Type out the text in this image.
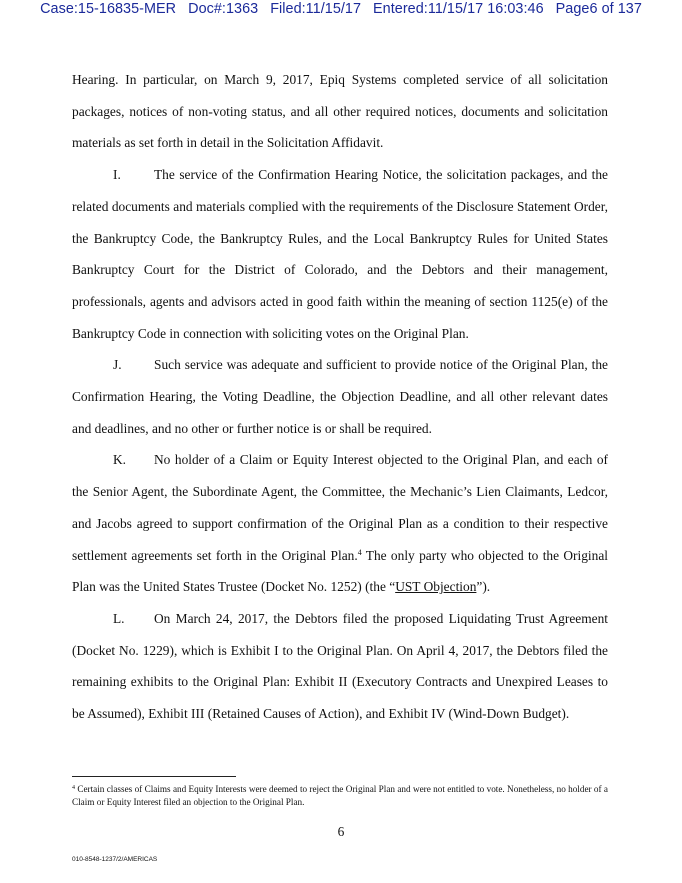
Case:15-16835-MER Doc#:1363 Filed:11/15/17 Entered:11/15/17 16:03:46 Page6 of 137

Hearing. In particular, on March 9, 2017, Epiq Systems completed service of all solicitation packages, notices of non-voting status, and all other required notices, documents and solicitation materials as set forth in detail in the Solicitation Affidavit.

I. The service of the Confirmation Hearing Notice, the solicitation packages, and the related documents and materials complied with the requirements of the Disclosure Statement Order, the Bankruptcy Code, the Bankruptcy Rules, and the Local Bankruptcy Rules for United States Bankruptcy Court for the District of Colorado, and the Debtors and their management, professionals, agents and advisors acted in good faith within the meaning of section 1125(e) of the Bankruptcy Code in connection with soliciting votes on the Original Plan.

J. Such service was adequate and sufficient to provide notice of the Original Plan, the Confirmation Hearing, the Voting Deadline, the Objection Deadline, and all other relevant dates and deadlines, and no other or further notice is or shall be required.

K. No holder of a Claim or Equity Interest objected to the Original Plan, and each of the Senior Agent, the Subordinate Agent, the Committee, the Mechanic’s Lien Claimants, Ledcor, and Jacobs agreed to support confirmation of the Original Plan as a condition to their respective settlement agreements set forth in the Original Plan.$^4$ The only party who objected to the Original Plan was the United States Trustee (Docket No. 1252) (the “UST Objection”).

L. On March 24, 2017, the Debtors filed the proposed Liquidating Trust Agreement (Docket No. 1229), which is Exhibit I to the Original Plan. On April 4, 2017, the Debtors filed the remaining exhibits to the Original Plan: Exhibit II (Executory Contracts and Unexpired Leases to be Assumed), Exhibit III (Retained Causes of Action), and Exhibit IV (Wind-Down Budget).

$^4$ Certain classes of Claims and Equity Interests were deemed to reject the Original Plan and were not entitled to vote. Nonetheless, no holder of a Claim or Equity Interest filed an objection to the Original Plan.
6
010-8548-1237/2/AMERICAS
